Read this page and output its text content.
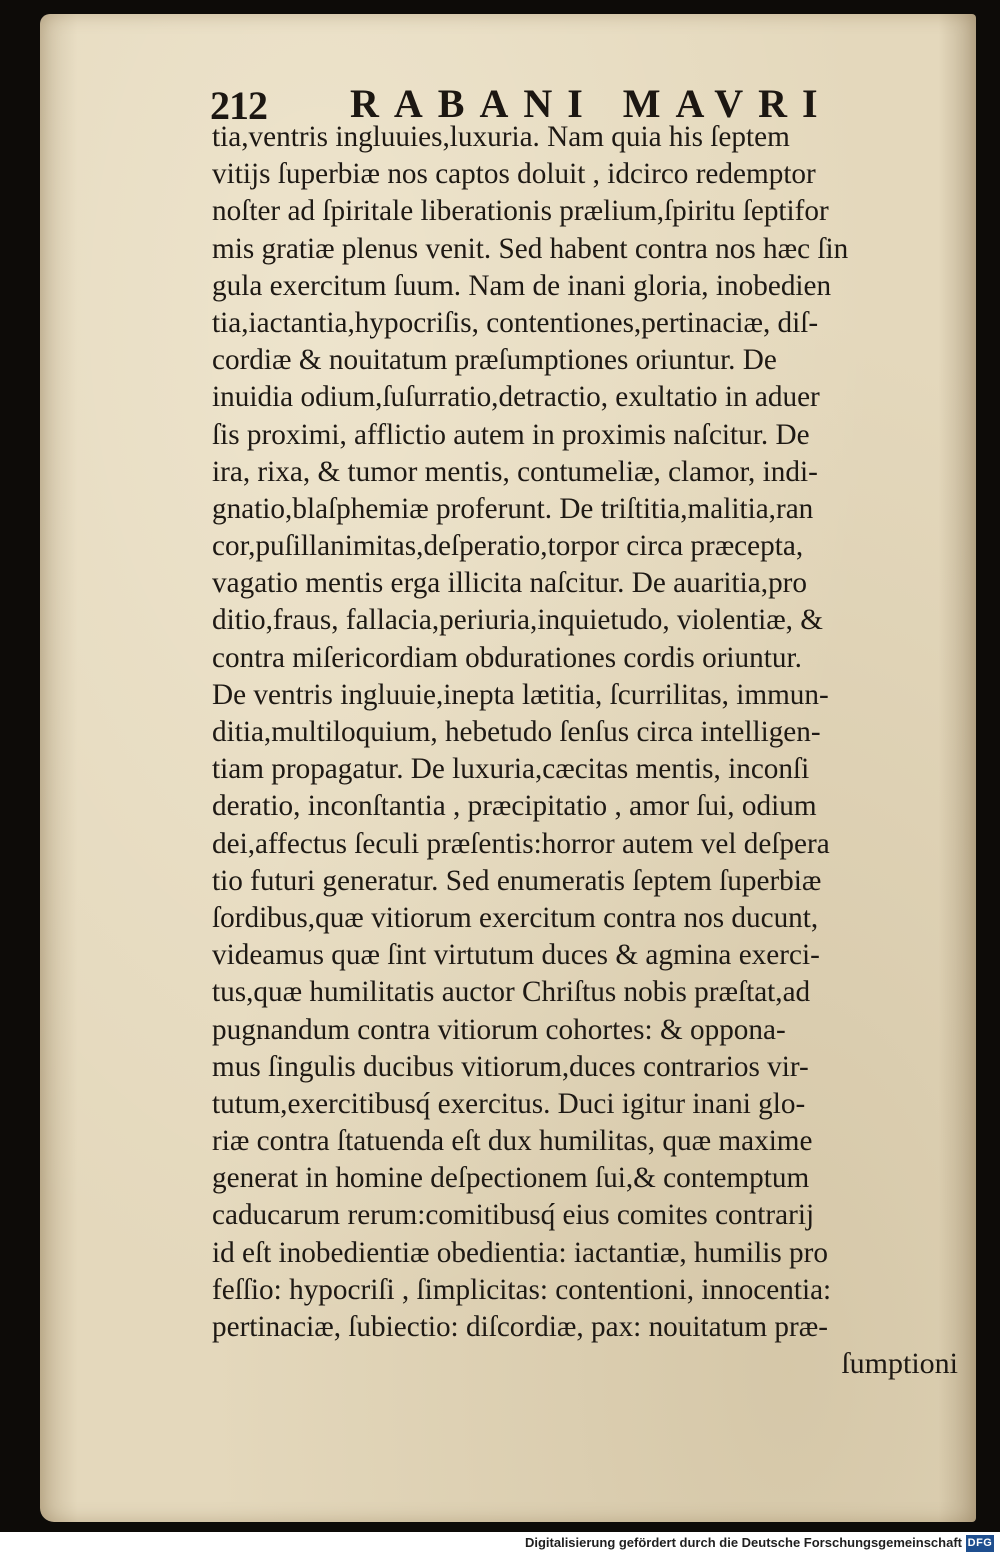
212 RABANI MAVRI
tia,ventris ingluuies,luxuria. Nam quia his ſeptem
vitiјs ſuperbiæ nos captos doluit , idcirco redemptor
noſter ad ſpiritale liberationis prælium,ſpiritu ſeptifor
mis gratiæ plenus venit. Sed habent contra nos hæc ſin
gula exercitum ſuum. Nam de inani gloria, inobedien
tia,iactantia,hypocriſis, contentiones,pertinaciæ, diſ-
cordiæ & nouitatum præſumptiones oriuntur. De
inuidia odium,ſuſurratio,detractio, exultatio in aduer
ſis proximi, afflictio autem in proximis naſcitur. De
ira, rixa, & tumor mentis, contumeliæ, clamor, indi-
gnatio,blaſphemiæ proferunt. De triſtitia,malitia,ran
cor,puſillanimitas,deſperatio,torpor circa præcepta,
vagatio mentis erga illicita naſcitur. De auaritia,pro
ditio,fraus, fallacia,periuria,inquietudo, violentiæ, &
contra miſericordiam obdurationes cordis oriuntur.
De ventris ingluuie,inepta lætitia, ſcurrilitas, immun-
ditia,multiloquium, hebetudo ſenſus circa intelligen-
tiam propagatur. De luxuria,cæcitas mentis, inconſi
deratio, inconſtantia , præcipitatio , amor ſui, odium
dei,affectus ſeculi præſentis:horror autem vel deſpera
tio futuri generatur. Sed enumeratis ſeptem ſuperbiæ
ſordibus,quæ vitiorum exercitum contra nos ducunt,
videamus quæ ſint virtutum duces & agmina exerci-
tus,quæ humilitatis auctor Chriſtus nobis præſtat,ad
pugnandum contra vitiorum cohortes: & oppona-
mus ſingulis ducibus vitiorum,duces contrarios vir-
tutum,exercitibusq́ exercitus. Duci igitur inani glo-
riæ contra ſtatuenda eſt dux humilitas, quæ maxime
generat in homine deſpectionem ſui,& contemptum
caducarum rerum:comitibusq́ eius comites contrarij
id eſt inobedientiæ obedientia: iactantiæ, humilis pro
feſſio: hypocriſi , ſimplicitas: contentioni, innocentia:
pertinaciæ, ſubiectio: diſcordiæ, pax: nouitatum præ-
ſumptioni
Digitalisierung gefördert durch die Deutsche Forschungsgemeinschaft DFG
